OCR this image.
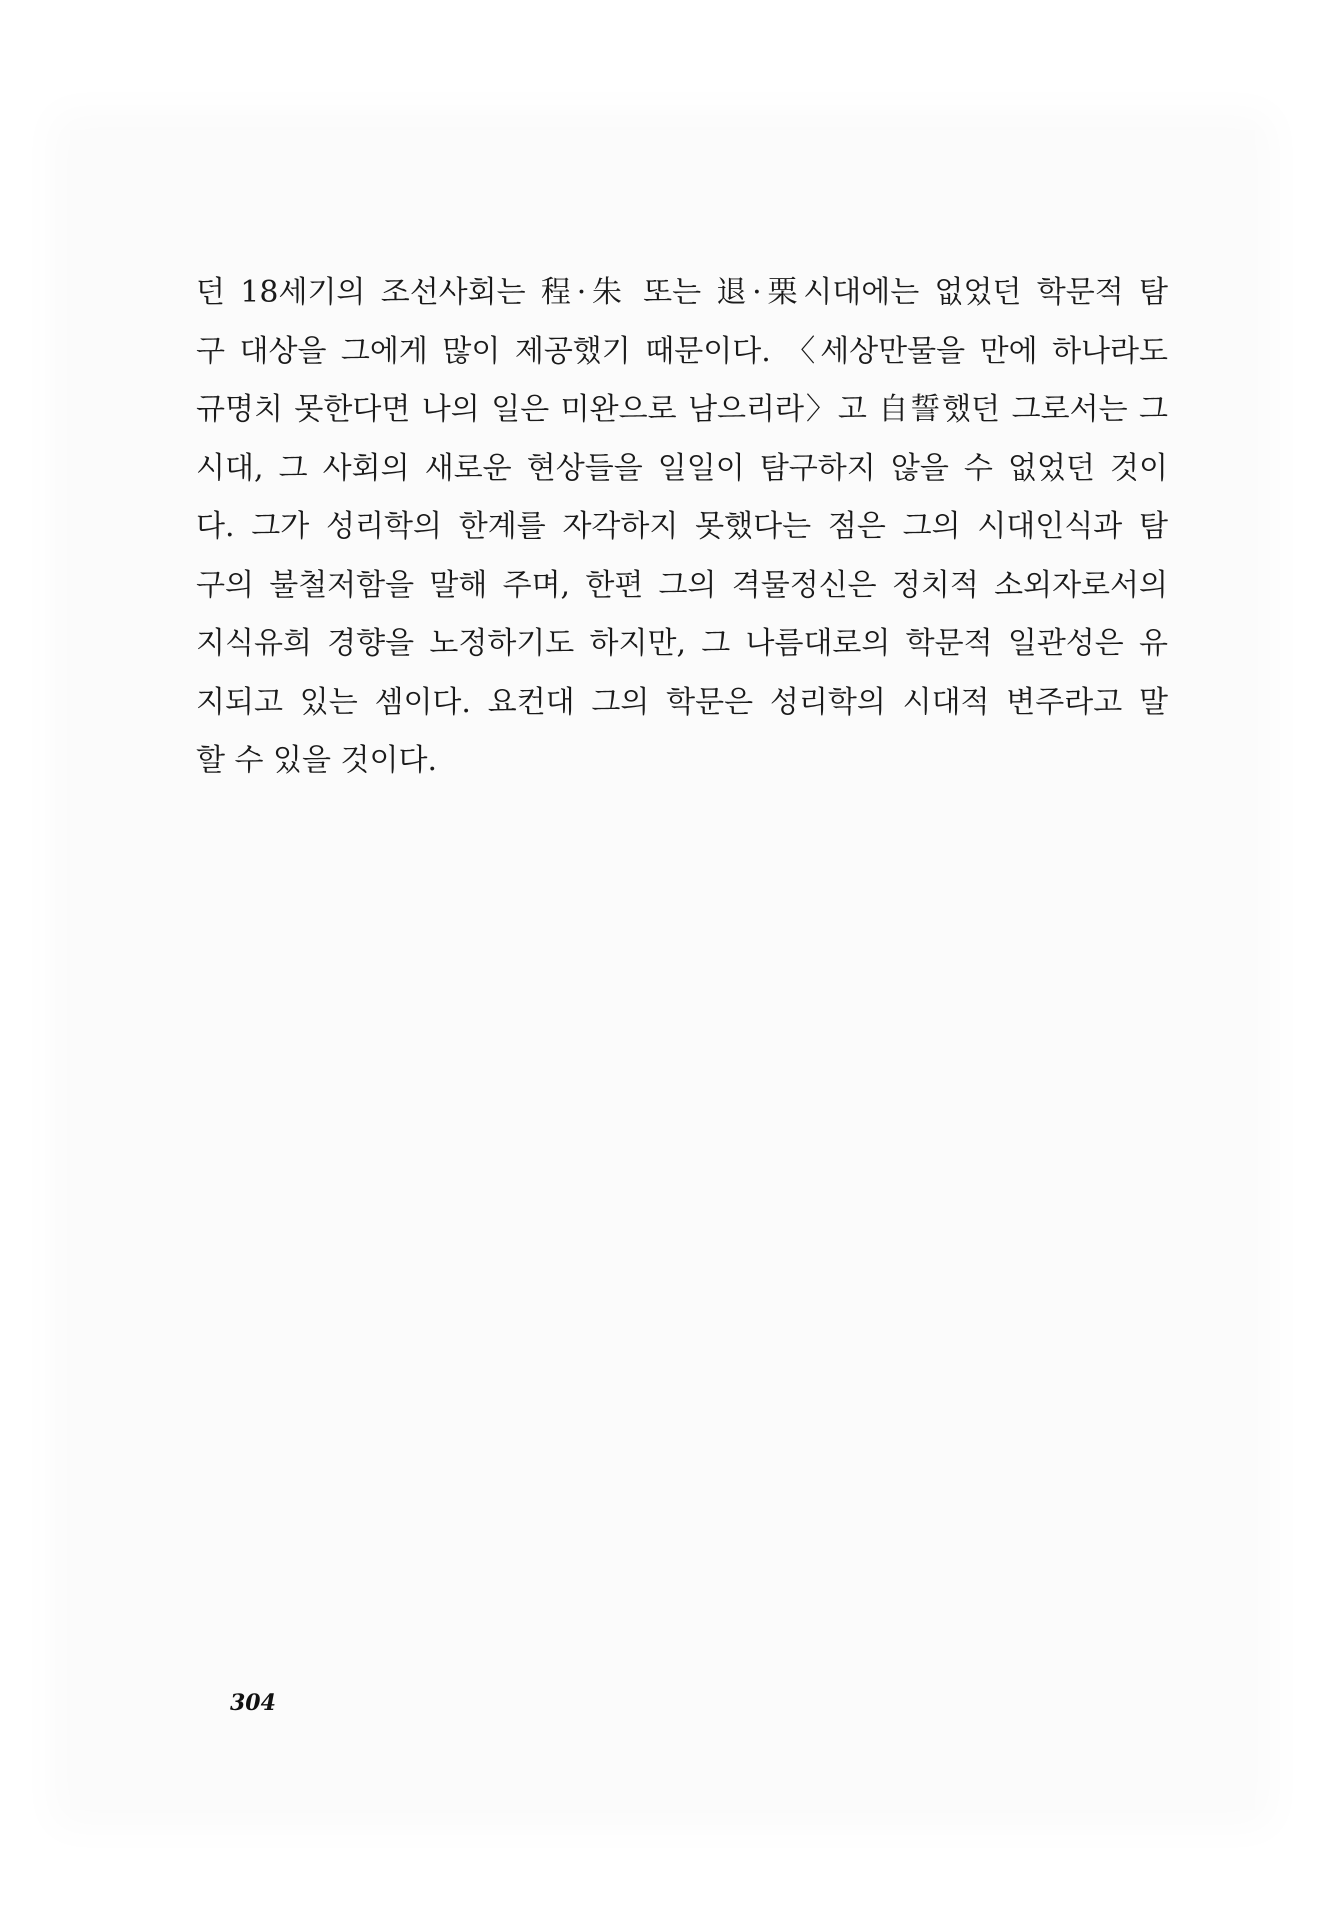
던 18세기의 조선사회는 程·朱 또는 退·栗시대에는 없었던 학문적 탐
구 대상을 그에게 많이 제공했기 때문이다. 〈세상만물을 만에 하나라도
규명치 못한다면 나의 일은 미완으로 남으리라〉고 自誓했던 그로서는 그
시대, 그 사회의 새로운 현상들을 일일이 탐구하지 않을 수 없었던 것이
다. 그가 성리학의 한계를 자각하지 못했다는 점은 그의 시대인식과 탐
구의 불철저함을 말해 주며, 한편 그의 격물정신은 정치적 소외자로서의
지식유희 경향을 노정하기도 하지만, 그 나름대로의 학문적 일관성은 유
지되고 있는 셈이다. 요컨대 그의 학문은 성리학의 시대적 변주라고 말
할 수 있을 것이다.
304
